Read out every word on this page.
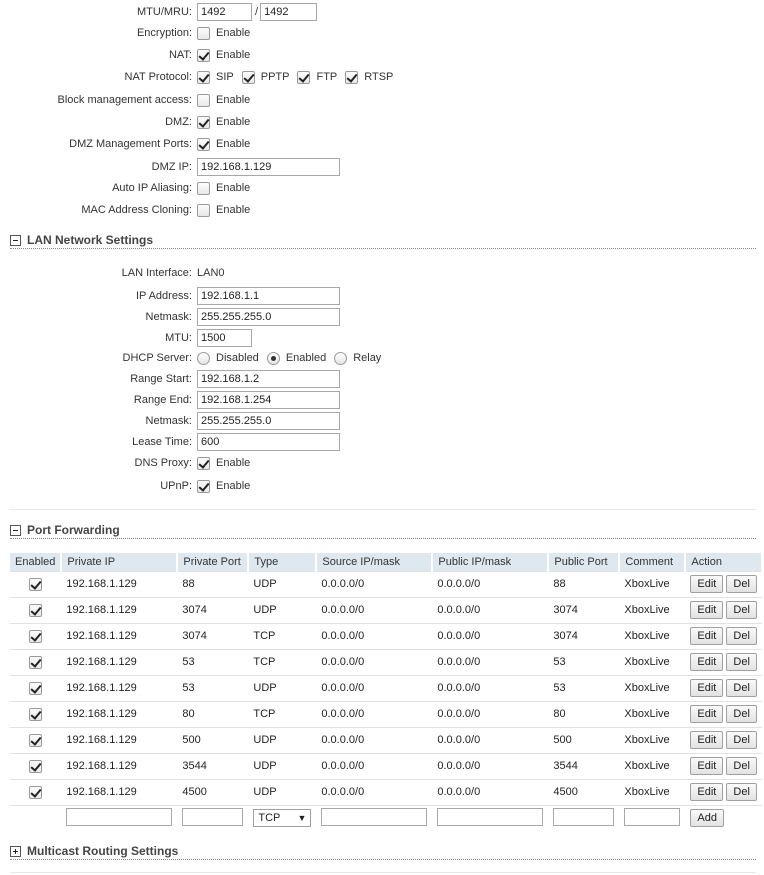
MTU/MRU: 1492	/ 1492
Encryption: Enable
NAT: Enable
NAT Protocol: SIP PPTP FTP RTSP
Block management access: Enable
DMZ: Enable
DMZ Management Ports: Enable
DMZ IP: 192.168.1.129
Auto IP Aliasing: Enable
MAC Address Cloning: Enable
LAN Network Settings
LAN Interface: LAN0
IP Address: 192.168.1.1
Netmask: 255.255.255.0
MTU: 1500
DHCP Server: Disabled Enabled Relay
Range Start: 192.168.1.2
Range End: 192.168.1.254
Netmask: 255.255.255.0
Lease Time: 600
DNS Proxy: Enable
UPnP: Enable
Port Forwarding
Enabled	Private IP	Private Port	Type	Source IP/mask	Public IP/mask	Public Port	Comment	Action
	192.168.1.129	88	UDP	0.0.0.0/0	0.0.0.0/0	88	XboxLive	Edit Del
	192.168.1.129	3074	UDP	0.0.0.0/0	0.0.0.0/0	3074	XboxLive	Edit Del
	192.168.1.129	3074	TCP	0.0.0.0/0	0.0.0.0/0	3074	XboxLive	Edit Del
	192.168.1.129	53	TCP	0.0.0.0/0	0.0.0.0/0	53	XboxLive	Edit Del
	192.168.1.129	53	UDP	0.0.0.0/0	0.0.0.0/0	53	XboxLive	Edit Del
	192.168.1.129	80	TCP	0.0.0.0/0	0.0.0.0/0	80	XboxLive	Edit Del
	192.168.1.129	500	UDP	0.0.0.0/0	0.0.0.0/0	500	XboxLive	Edit Del
	192.168.1.129	3544	UDP	0.0.0.0/0	0.0.0.0/0	3544	XboxLive	Edit Del
	192.168.1.129	4500	UDP	0.0.0.0/0	0.0.0.0/0	4500	XboxLive	Edit Del
			TCP ▼					Add
Multicast Routing Settings
